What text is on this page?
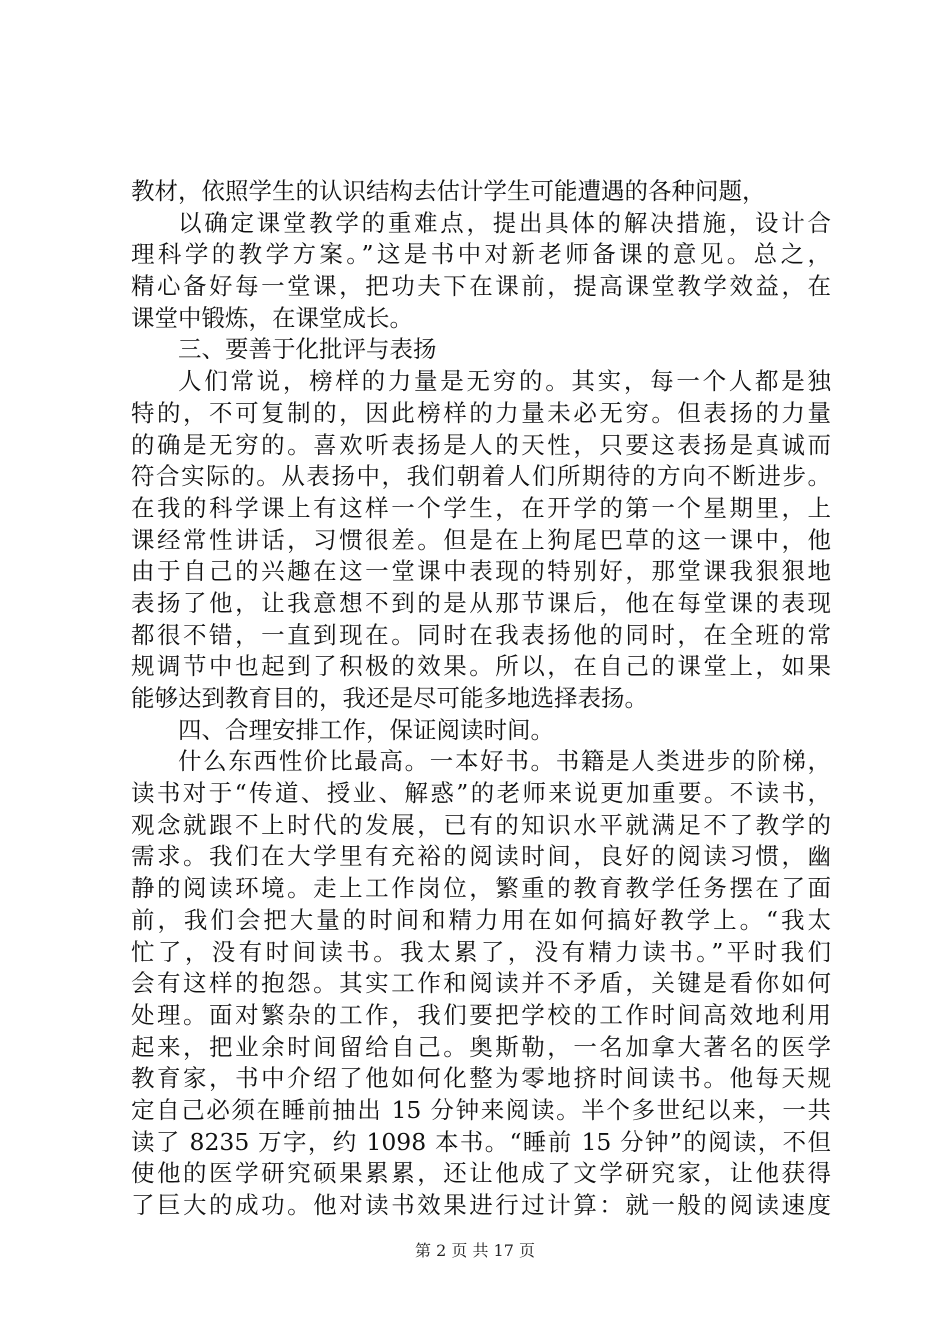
教材，依照学生的认识结构去估计学生可能遭遇的各种问题，
以确定课堂教学的重难点，提出具体的解决措施，设计合
理科学的教学方案。”这是书中对新老师备课的意见。总之，
精心备好每一堂课，把功夫下在课前，提高课堂教学效益，在
课堂中锻炼，在课堂成长。
三、要善于化批评与表扬
人们常说，榜样的力量是无穷的。其实，每一个人都是独
特的，不可复制的，因此榜样的力量未必无穷。但表扬的力量
的确是无穷的。喜欢听表扬是人的天性，只要这表扬是真诚而
符合实际的。从表扬中，我们朝着人们所期待的方向不断进步。
在我的科学课上有这样一个学生，在开学的第一个星期里，上
课经常性讲话，习惯很差。但是在上狗尾巴草的这一课中，他
由于自己的兴趣在这一堂课中表现的特别好，那堂课我狠狠地
表扬了他，让我意想不到的是从那节课后，他在每堂课的表现
都很不错，一直到现在。同时在我表扬他的同时，在全班的常
规调节中也起到了积极的效果。所以，在自己的课堂上，如果
能够达到教育目的，我还是尽可能多地选择表扬。
四、合理安排工作，保证阅读时间。
什么东西性价比最高。一本好书。书籍是人类进步的阶梯，
读书对于“传道、授业、解惑”的老师来说更加重要。不读书，
观念就跟不上时代的发展，已有的知识水平就满足不了教学的
需求。我们在大学里有充裕的阅读时间，良好的阅读习惯，幽
静的阅读环境。走上工作岗位，繁重的教育教学任务摆在了面
前，我们会把大量的时间和精力用在如何搞好教学上。“我太
忙了，没有时间读书。我太累了，没有精力读书。”平时我们
会有这样的抱怨。其实工作和阅读并不矛盾，关键是看你如何
处理。面对繁杂的工作，我们要把学校的工作时间高效地利用
起来，把业余时间留给自己。奥斯勒，一名加拿大著名的医学
教育家，书中介绍了他如何化整为零地挤时间读书。他每天规
定自己必须在睡前抽出 15 分钟来阅读。半个多世纪以来，一共
读了 8235 万字，约 1098 本书。“睡前 15 分钟”的阅读，不但
使他的医学研究硕果累累，还让他成了文学研究家，让他获得
了巨大的成功。他对读书效果进行过计算：就一般的阅读速度
第 2 页 共 17 页
